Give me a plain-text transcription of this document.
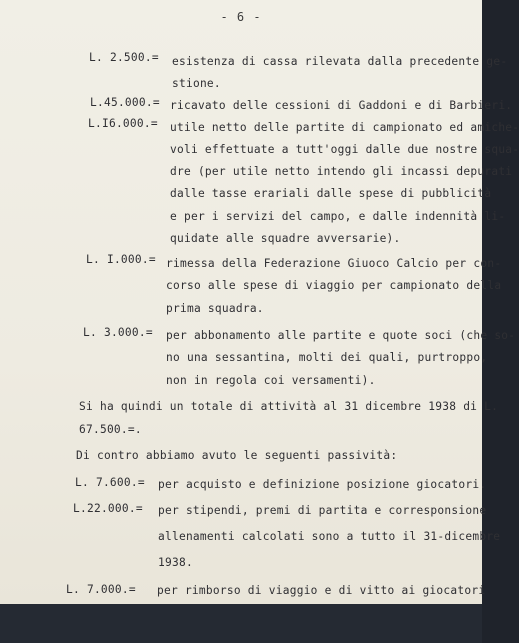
- 6 -
L. 2.500.= esistenza di cassa rilevata dalla precedente ge-
stione.
L.45.000.= ricavato delle cessioni di Gaddoni e di Barbieri.
L.I6.000.= utile netto delle partite di campionato ed amiche-
voli effettuate a tutt'oggi dalle due nostre squa-
dre (per utile netto intendo gli incassi depurati
dalle tasse erariali dalle spese di pubblicità
e per i servizi del campo, e dalle indennità li-
quidate alle squadre avversarie).
L. I.000.= rimessa della Federazione Giuoco Calcio per con-
corso alle spese di viaggio per campionato della
prima squadra.
L. 3.000.= per abbonamento alle partite e quote soci (che so-
no una sessantina, molti dei quali, purtroppo,
non in regola coi versamenti).
Si ha quindi un totale di attività al 31 dicembre 1938 di L.
67.500.=.
Di contro abbiamo avuto le seguenti passività:
L. 7.600.= per acquisto e definizione posizione giocatori.
L.22.000.= per stipendi, premi di partita e corresponsione
allenamenti calcolati sono a tutto il 31-dicembre
1938.
L. 7.000.= per rimborso di viaggio e di vitto ai giocatori
